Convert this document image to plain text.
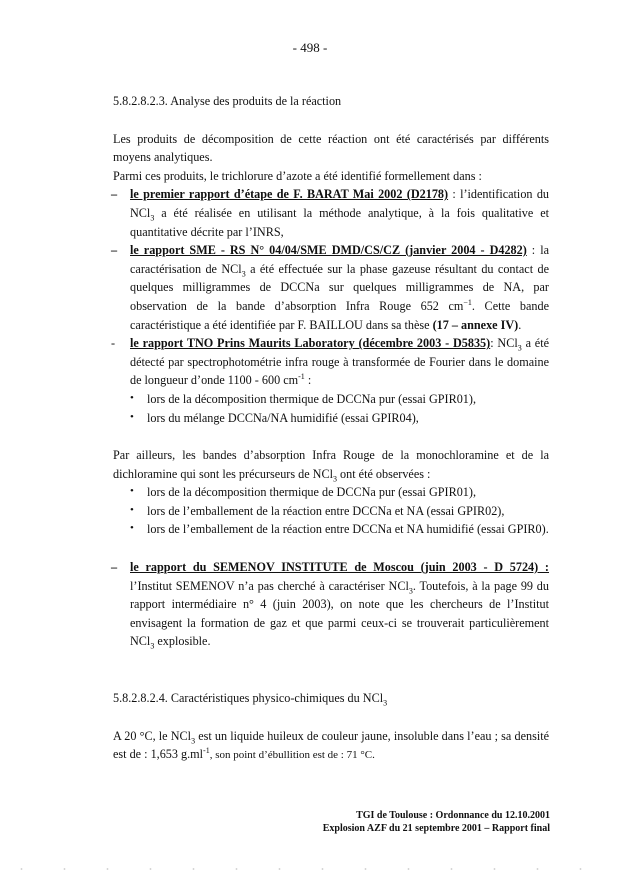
- 498 -
5.8.2.8.2.3. Analyse des produits de la réaction

Les produits de décomposition de cette réaction ont été caractérisés par différents moyens analytiques.

Parmi ces produits, le trichlorure d’azote a été identifié formellement dans :

– le premier rapport d’étape de F. BARAT Mai 2002 (D2178) : l’identification du NCl$_3$ a été réalisée en utilisant la méthode analytique, à la fois qualitative et quantitative décrite par l’INRS,
– le rapport SME - RS N° 04/04/SME DMD/CS/CZ (janvier 2004 - D4282) : la caractérisation de NCl$_3$ a été effectuée sur la phase gazeuse résultant du contact de quelques milligrammes de DCCNa sur quelques milligrammes de NA, par observation de la bande d’absorption Infra Rouge 652 $cm^{-1}$. Cette bande caractéristique a été identifiée par F. BAILLOU dans sa thèse (17 – annexe IV).
- le rapport TNO Prins Maurits Laboratory (décembre 2003 - D5835): NCl$_3$ a été détecté par spectrophotométrie infra rouge à transformée de Fourier dans le domaine de longueur d’onde 1100 - 600 $cm^{-1}$ :
• lors de la décomposition thermique de DCCNa pur (essai GPIR01),
• lors du mélange DCCNa/NA humidifié (essai GPIR04),

Par ailleurs, les bandes d’absorption Infra Rouge de la monochloramine et de la dichloramine qui sont les précurseurs de NCl$_3$ ont été observées :

• lors de la décomposition thermique de DCCNa pur (essai GPIR01),
• lors de l’emballement de la réaction entre DCCNa et NA (essai GPIR02),
• lors de l’emballement de la réaction entre DCCNa et NA humidifié (essai GPIR0).
– le rapport du SEMENOV INSTITUTE de Moscou (juin 2003 - D 5724) : l’Institut SEMENOV n’a pas cherché à caractériser NCl$_3$. Toutefois, à la page 99 du rapport intermédiaire n° 4 (juin 2003), on note que les chercheurs de l’Institut envisagent la formation de gaz et que parmi ceux-ci se trouverait particulièrement NCl$_3$ explosible.
5.8.2.8.2.4. Caractéristiques physico-chimiques du NCl$_3$

A 20 °C, le NCl$_3$ est un liquide huileux de couleur jaune, insoluble dans l’eau ; sa densité est de : 1,653 $g.ml^{-1}$, son point d’ébullition est de : 71 °C.

TGI de Toulouse : Ordonnance du 12.10.2001
Explosion AZF du 21 septembre 2001 – Rapport final
